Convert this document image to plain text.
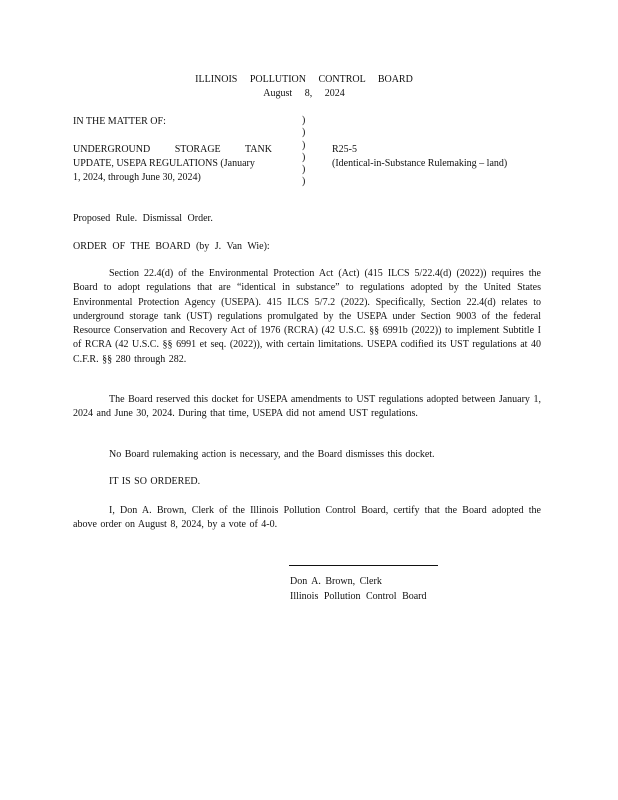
ILLINOIS POLLUTION CONTROL BOARD
August 8, 2024
IN THE MATTER OF:
UNDERGROUND STORAGE TANK
UPDATE, USEPA REGULATIONS (January
1, 2024, through June 30, 2024)
)
)
)
)
)
)
R25-5
(Identical-in-Substance Rulemaking – land)
Proposed Rule. Dismissal Order.
ORDER OF THE BOARD (by J. Van Wie):
Section 22.4(d) of the Environmental Protection Act (Act) (415 ILCS 5/22.4(d) (2022)) requires the Board to adopt regulations that are “identical in substance” to regulations adopted by the United States Environmental Protection Agency (USEPA). 415 ILCS 5/7.2 (2022). Specifically, Section 22.4(d) relates to underground storage tank (UST) regulations promulgated by the USEPA under Section 9003 of the federal Resource Conservation and Recovery Act of 1976 (RCRA) (42 U.S.C. §§ 6991b (2022)) to implement Subtitle I of RCRA (42 U.S.C. §§ 6991 et seq. (2022)), with certain limitations. USEPA codified its UST regulations at 40 C.F.R. §§ 280 through 282.
The Board reserved this docket for USEPA amendments to UST regulations adopted between January 1, 2024 and June 30, 2024. During that time, USEPA did not amend UST regulations.
No Board rulemaking action is necessary, and the Board dismisses this docket.
IT IS SO ORDERED.
I, Don A. Brown, Clerk of the Illinois Pollution Control Board, certify that the Board adopted the above order on August 8, 2024, by a vote of 4-0.
Don A. Brown, Clerk
Illinois Pollution Control Board
